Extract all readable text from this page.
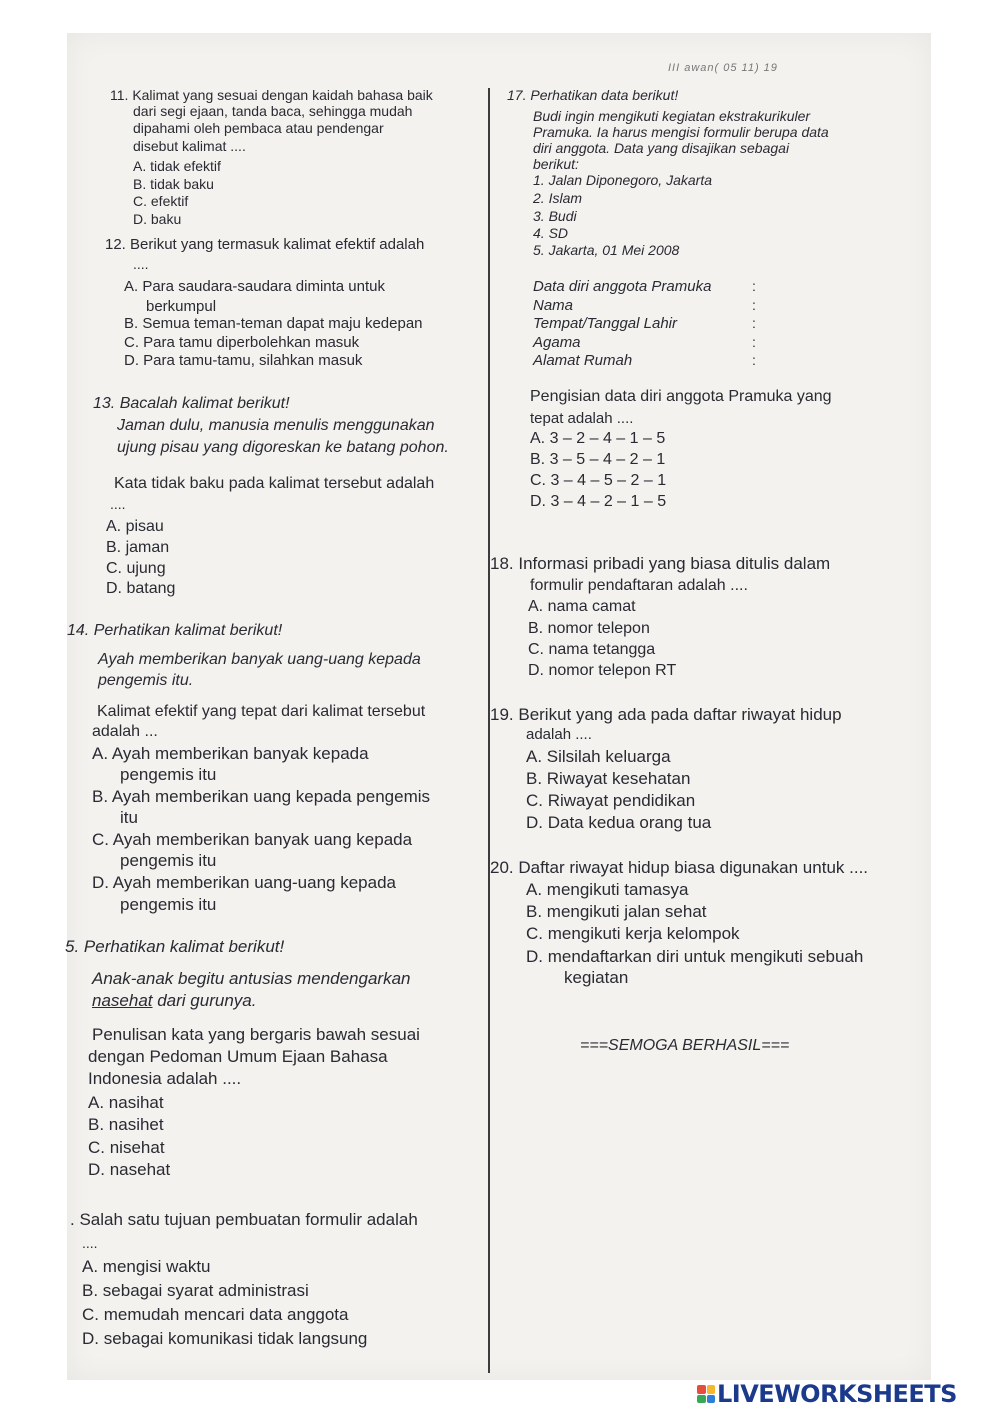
III awan( 05 11) 19
11. Kalimat yang sesuai dengan kaidah bahasa baik
dari segi ejaan, tanda baca, sehingga mudah
dipahami oleh pembaca atau pendengar
disebut kalimat ....
A. tidak efektif
B. tidak baku
C. efektif
D. baku
12. Berikut yang termasuk kalimat efektif adalah
....
A. Para saudara-saudara diminta untuk
berkumpul
B. Semua teman-teman dapat maju kedepan
C. Para tamu diperbolehkan masuk
D. Para tamu-tamu, silahkan masuk
13. Bacalah kalimat berikut!
Jaman dulu, manusia menulis menggunakan
ujung pisau yang digoreskan ke batang pohon.
Kata tidak baku pada kalimat tersebut adalah
....
A. pisau
B. jaman
C. ujung
D. batang
14. Perhatikan kalimat berikut!
Ayah memberikan banyak uang-uang kepada
pengemis itu.
Kalimat efektif yang tepat dari kalimat tersebut
adalah ...
A. Ayah memberikan banyak kepada
pengemis itu
B. Ayah memberikan uang kepada pengemis
itu
C. Ayah memberikan banyak uang kepada
pengemis itu
D. Ayah memberikan uang-uang kepada
pengemis itu
5. Perhatikan kalimat berikut!
Anak-anak begitu antusias mendengarkan
nasehat dari gurunya.
Penulisan kata yang bergaris bawah sesuai
dengan Pedoman Umum Ejaan Bahasa
Indonesia adalah ....
A. nasihat
B. nasihet
C. nisehat
D. nasehat
. Salah satu tujuan pembuatan formulir adalah
....
A. mengisi waktu
B. sebagai syarat administrasi
C. memudah mencari data anggota
D. sebagai komunikasi tidak langsung
17. Perhatikan data berikut!
Budi ingin mengikuti kegiatan ekstrakurikuler
Pramuka. Ia harus mengisi formulir berupa data
diri anggota. Data yang disajikan sebagai
berikut:
1. Jalan Diponegoro, Jakarta
2. Islam
3. Budi
4. SD
5. Jakarta, 01 Mei 2008
Data diri anggota Pramuka	:
Nama	:
Tempat/Tanggal Lahir	:
Agama	:
Alamat Rumah	:
Pengisian data diri anggota Pramuka yang
tepat adalah ....
A. 3 – 2 – 4 – 1 – 5
B. 3 – 5 – 4 – 2 – 1
C. 3 – 4 – 5 – 2 – 1
D. 3 – 4 – 2 – 1 – 5
18. Informasi pribadi yang biasa ditulis dalam
formulir pendaftaran adalah ....
A. nama camat
B. nomor telepon
C. nama tetangga
D. nomor telepon RT
19. Berikut yang ada pada daftar riwayat hidup
adalah ....
A. Silsilah keluarga
B. Riwayat kesehatan
C. Riwayat pendidikan
D. Data kedua orang tua
20. Daftar riwayat hidup biasa digunakan untuk ....
A. mengikuti tamasya
B. mengikuti jalan sehat
C. mengikuti kerja kelompok
D. mendaftarkan diri untuk mengikuti sebuah
kegiatan
===SEMOGA BERHASIL===
LIVEWORKSHEETS
